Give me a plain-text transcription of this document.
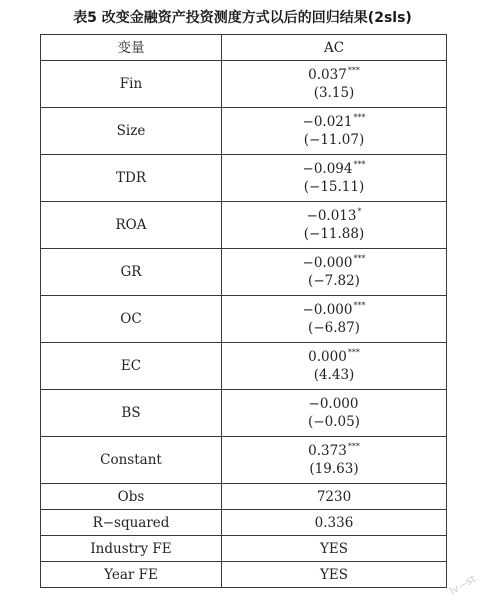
表5 改变金融资产投资测度方式以后的回归结果(2sls)
变量	AC
Fin	0.037***
(3.15)

Size	−0.021***
(−11.07)

TDR	−0.094***
(−15.11)

ROA	−0.013*
(−11.88)

GR	−0.000***
(−7.82)

OC	−0.000***
(−6.87)

EC	0.000***
(4.43)

BS	−0.000
(−0.05)

Constant	0.373***
(19.63)

Obs	7230
R−squared	0.336
Industry FE	YES
Year FE	YES	lv—st
